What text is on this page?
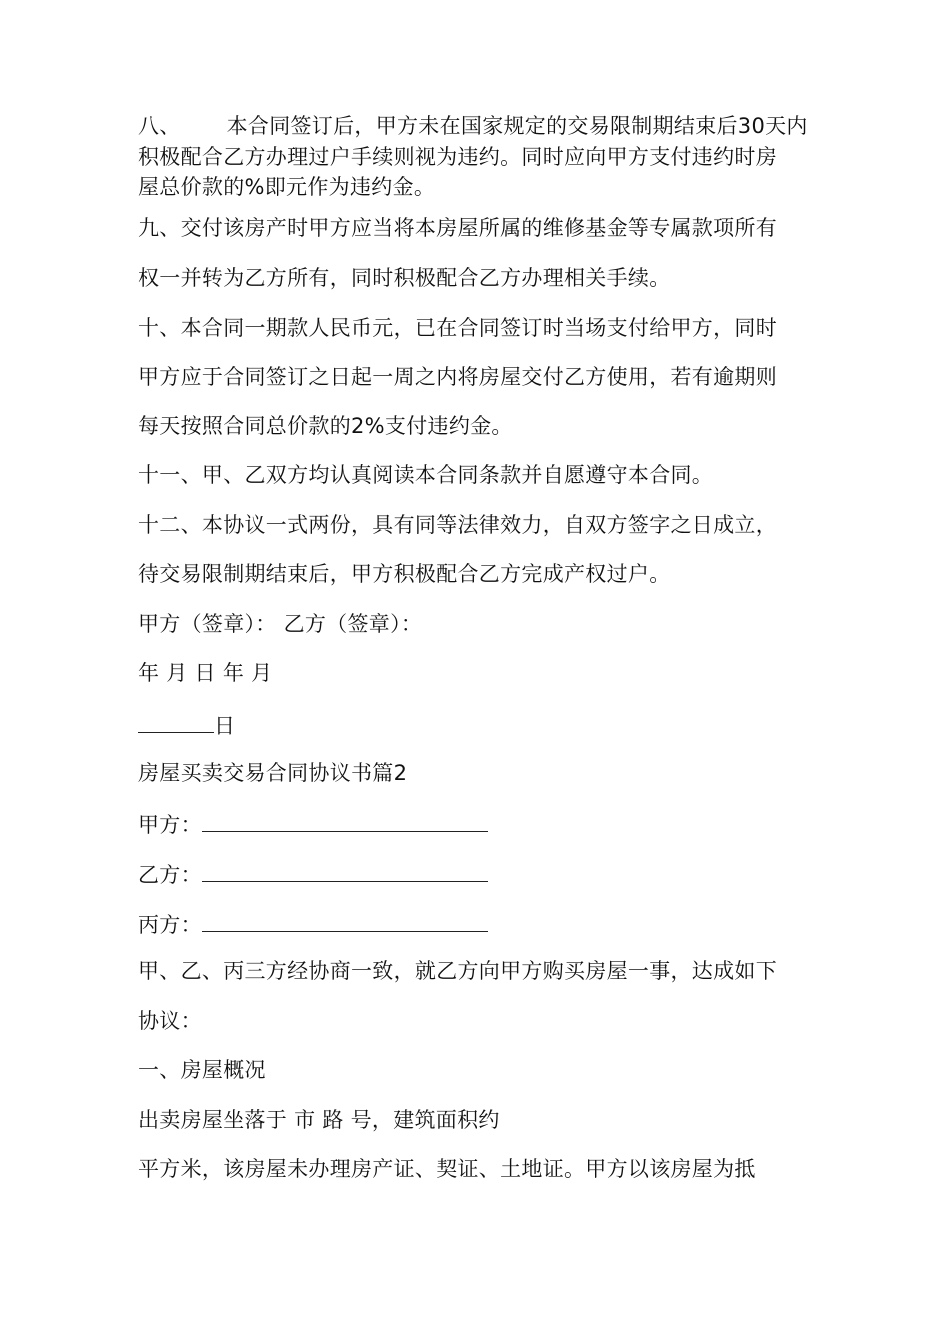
八、 本合同签订后，甲方未在国家规定的交易限制期结束后30天内
积极配合乙方办理过户手续则视为违约。同时应向甲方支付违约时房
屋总价款的%即元作为违约金。
九、交付该房产时甲方应当将本房屋所属的维修基金等专属款项所有
权一并转为乙方所有，同时积极配合乙方办理相关手续。
十、本合同一期款人民币元，已在合同签订时当场支付给甲方，同时
甲方应于合同签订之日起一周之内将房屋交付乙方使用，若有逾期则
每天按照合同总价款的2%支付违约金。
十一、甲、乙双方均认真阅读本合同条款并自愿遵守本合同。
十二、本协议一式两份，具有同等法律效力，自双方签字之日成立，
待交易限制期结束后，甲方积极配合乙方完成产权过户。
甲方（签章）： 乙方（签章）：
年 月 日 年 月
日
房屋买卖交易合同协议书篇2
甲方：
乙方：
丙方：
甲、乙、丙三方经协商一致，就乙方向甲方购买房屋一事，达成如下
协议：
一、房屋概况
出卖房屋坐落于 市 路 号，建筑面积约
平方米，该房屋未办理房产证、契证、土地证。甲方以该房屋为抵
